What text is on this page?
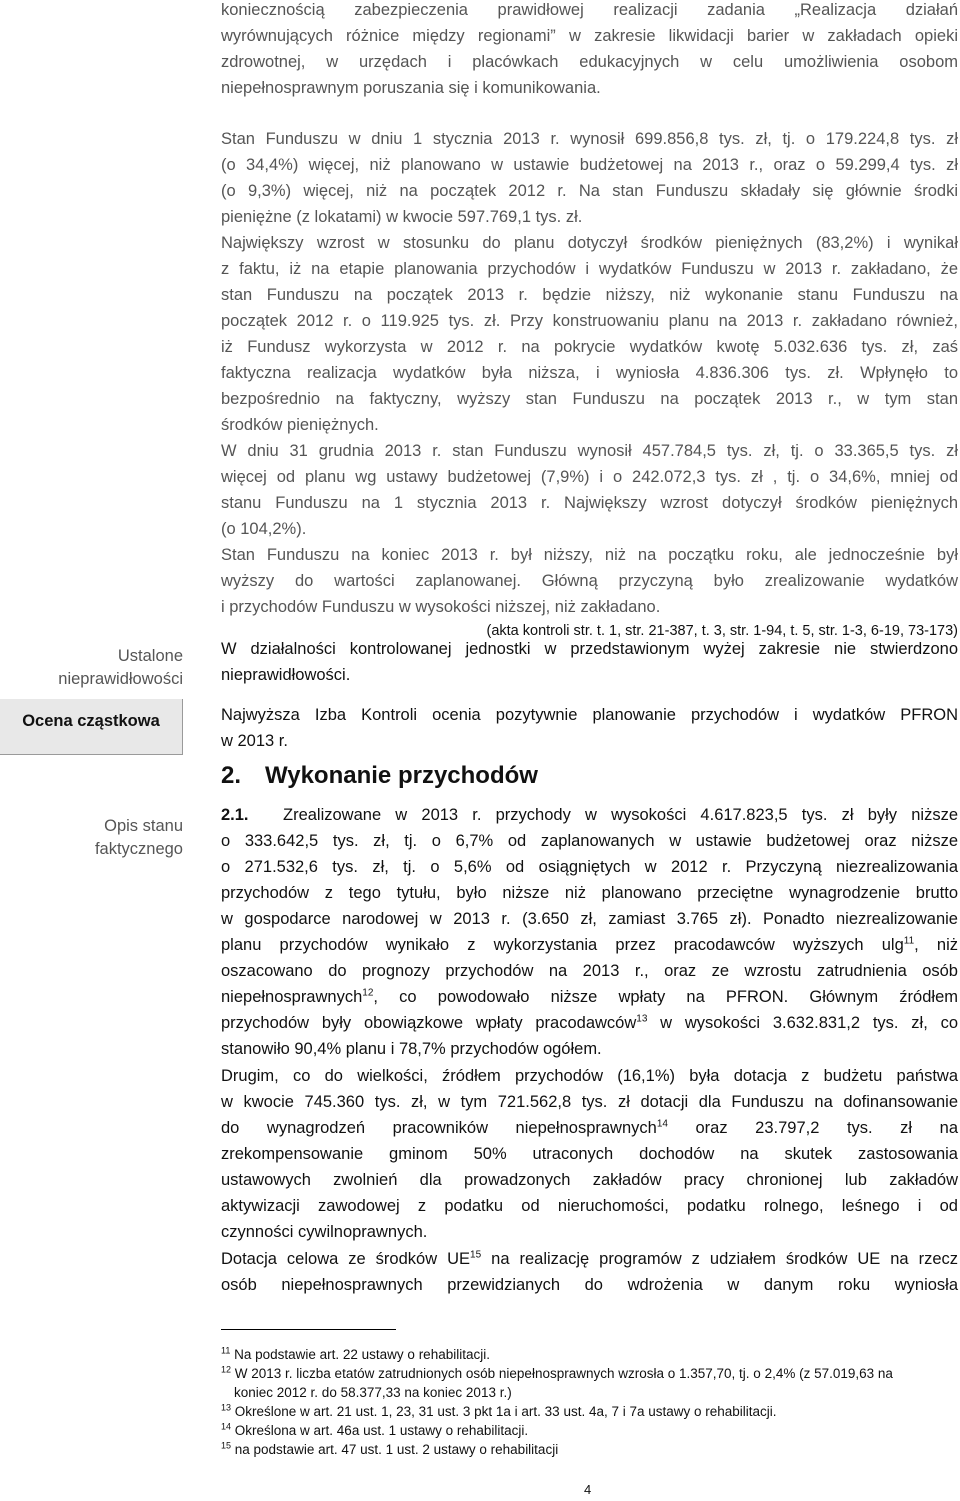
koniecznością zabezpieczenia prawidłowej realizacji zadania „Realizacja działań
wyrównujących różnice między regionami” w zakresie likwidacji barier w zakładach opieki
zdrowotnej, w urzędach i placówkach edukacyjnych w celu umożliwienia osobom
niepełnosprawnym poruszania się i komunikowania.
Stan Funduszu w dniu 1 stycznia 2013 r. wynosił 699.856,8 tys. zł, tj. o 179.224,8 tys. zł
(o 34,4%) więcej, niż planowano w ustawie budżetowej na 2013 r., oraz o 59.299,4 tys. zł
(o 9,3%) więcej, niż na początek 2012 r. Na stan Funduszu składały się głównie środki
pieniężne (z lokatami) w kwocie 597.769,1 tys. zł.
Największy wzrost w stosunku do planu dotyczył środków pieniężnych (83,2%) i wynikał
z faktu, iż na etapie planowania przychodów i wydatków Funduszu w 2013 r. zakładano, że
stan Funduszu na początek 2013 r. będzie niższy, niż wykonanie stanu Funduszu na
początek 2012 r. o 119.925 tys. zł. Przy konstruowaniu planu na 2013 r. zakładano również,
iż Fundusz wykorzysta w 2012 r. na pokrycie wydatków kwotę 5.032.636 tys. zł, zaś
faktyczna realizacja wydatków była niższa, i wyniosła 4.836.306 tys. zł. Wpłynęło to
bezpośrednio na faktyczny, wyższy stan Funduszu na początek 2013 r., w tym stan
środków pieniężnych.
W dniu 31 grudnia 2013 r. stan Funduszu wynosił 457.784,5 tys. zł, tj. o 33.365,5 tys. zł
więcej od planu wg ustawy budżetowej (7,9%) i o 242.072,3 tys. zł , tj. o 34,6%, mniej od
stanu Funduszu na 1 stycznia 2013 r. Największy wzrost dotyczył środków pieniężnych
(o 104,2%).
Stan Funduszu na koniec 2013 r. był niższy, niż na początku roku, ale jednocześnie był
wyższy do wartości zaplanowanej. Główną przyczyną było zrealizowanie wydatków
i przychodów Funduszu w wysokości niższej, niż zakładano.
(akta kontroli str. t. 1, str. 21-387, t. 3, str. 1-94, t. 5, str. 1-3, 6-19, 73-173)
Ustalone
nieprawidłowości
Ocena cząstkowa
Opis stanu
faktycznego
W działalności kontrolowanej jednostki w przedstawionym wyżej zakresie nie stwierdzono
nieprawidłowości.
Najwyższa Izba Kontroli ocenia pozytywnie planowanie przychodów i wydatków PFRON
w 2013 r.
2. Wykonanie przychodów
2.1. Zrealizowane w 2013 r. przychody w wysokości 4.617.823,5 tys. zł były niższe
o 333.642,5 tys. zł, tj. o 6,7% od zaplanowanych w ustawie budżetowej oraz niższe
o 271.532,6 tys. zł, tj. o 5,6% od osiągniętych w 2012 r. Przyczyną niezrealizowania
przychodów z tego tytułu, było niższe niż planowano przeciętne wynagrodzenie brutto
w gospodarce narodowej w 2013 r. (3.650 zł, zamiast 3.765 zł). Ponadto niezrealizowanie
planu przychodów wynikało z wykorzystania przez pracodawców wyższych ulg$^{11}$, niż
oszacowano do prognozy przychodów na 2013 r., oraz ze wzrostu zatrudnienia osób
niepełnosprawnych$^{12}$, co powodowało niższe wpłaty na PFRON. Głównym źródłem
przychodów były obowiązkowe wpłaty pracodawców$^{13}$ w wysokości 3.632.831,2 tys. zł, co
stanowiło 90,4% planu i 78,7% przychodów ogółem.
Drugim, co do wielkości, źródłem przychodów (16,1%) była dotacja z budżetu państwa
w kwocie 745.360 tys. zł, w tym 721.562,8 tys. zł dotacji dla Funduszu na dofinansowanie
do wynagrodzeń pracowników niepełnosprawnych$^{14}$ oraz 23.797,2 tys. zł na
zrekompensowanie gminom 50% utraconych dochodów na skutek zastosowania
ustawowych zwolnień dla prowadzonych zakładów pracy chronionej lub zakładów
aktywizacji zawodowej z podatku od nieruchomości, podatku rolnego, leśnego i od
czynności cywilnoprawnych.
Dotacja celowa ze środków UE$^{15}$ na realizację programów z udziałem środków UE na rzecz
osób niepełnosprawnych przewidzianych do wdrożenia w danym roku wyniosła
$^{11}$ Na podstawie art. 22 ustawy o rehabilitacji.
$^{12}$ W 2013 r. liczba etatów zatrudnionych osób niepełnosprawnych wzrosła o 1.357,70, tj. o 2,4% (z 57.019,63 na
koniec 2012 r. do 58.377,33 na koniec 2013 r.)
$^{13}$ Określone w art. 21 ust. 1, 23, 31 ust. 3 pkt 1a i art. 33 ust. 4a, 7 i 7a ustawy o rehabilitacji.
$^{14}$ Określona w art. 46a ust. 1 ustawy o rehabilitacji.
$^{15}$ na podstawie art. 47 ust. 1 ust. 2 ustawy o rehabilitacji
4
